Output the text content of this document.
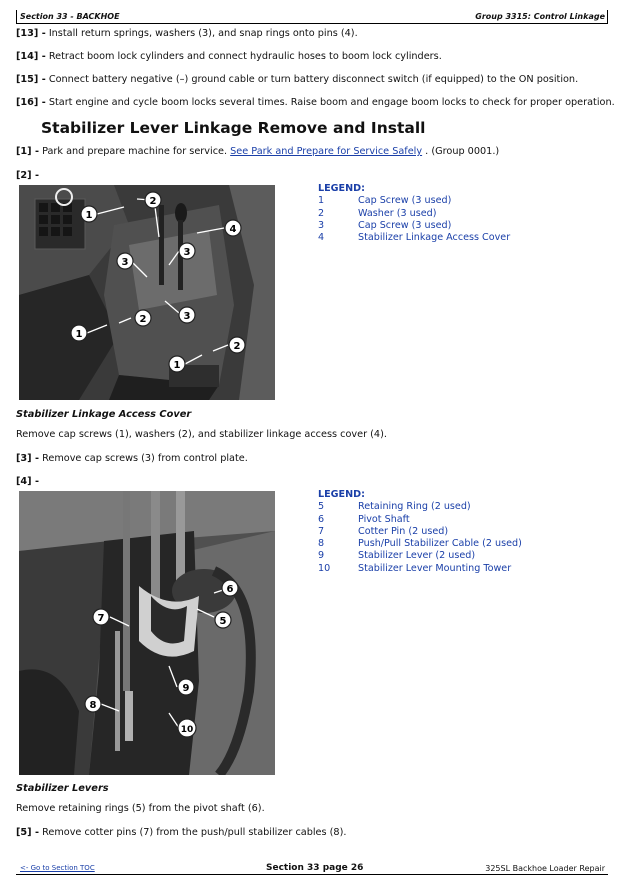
Section 33 - BACKHOE	Group 3315: Control Linkage
[13] - Install return springs, washers (3), and snap rings onto pins (4).
[14] - Retract boom lock cylinders and connect hydraulic hoses to boom lock cylinders.
[15] - Connect battery negative (–) ground cable or turn battery disconnect switch (if equipped) to the ON position.
[16] - Start engine and cycle boom locks several times. Raise boom and engage boom locks to check for proper operation.
Stabilizer Lever Linkage Remove and Install
[1] - Park and prepare machine for service. See Park and Prepare for Service Safely . (Group 0001.)
[2] -
1
2
3
4
3
3
1
2
1
2
LEGEND:
1	Cap Screw (3 used)
2	Washer (3 used)
3	Cap Screw (3 used)
4	Stabilizer Linkage Access Cover
Stabilizer Linkage Access Cover
Remove cap screws (1), washers (2), and stabilizer linkage access cover (4).
[3] - Remove cap screws (3) from control plate.
[4] -
6
5
7
9
8
10
LEGEND:
5	Retaining Ring (2 used)
6	Pivot Shaft
7	Cotter Pin (2 used)
8	Push/Pull Stabilizer Cable (2 used)
9	Stabilizer Lever (2 used)
10	Stabilizer Lever Mounting Tower
Stabilizer Levers
Remove retaining rings (5) from the pivot shaft (6).
[5] - Remove cotter pins (7) from the push/pull stabilizer cables (8).
<- Go to Section TOC	Section 33 page 26	325SL Backhoe Loader Repair
